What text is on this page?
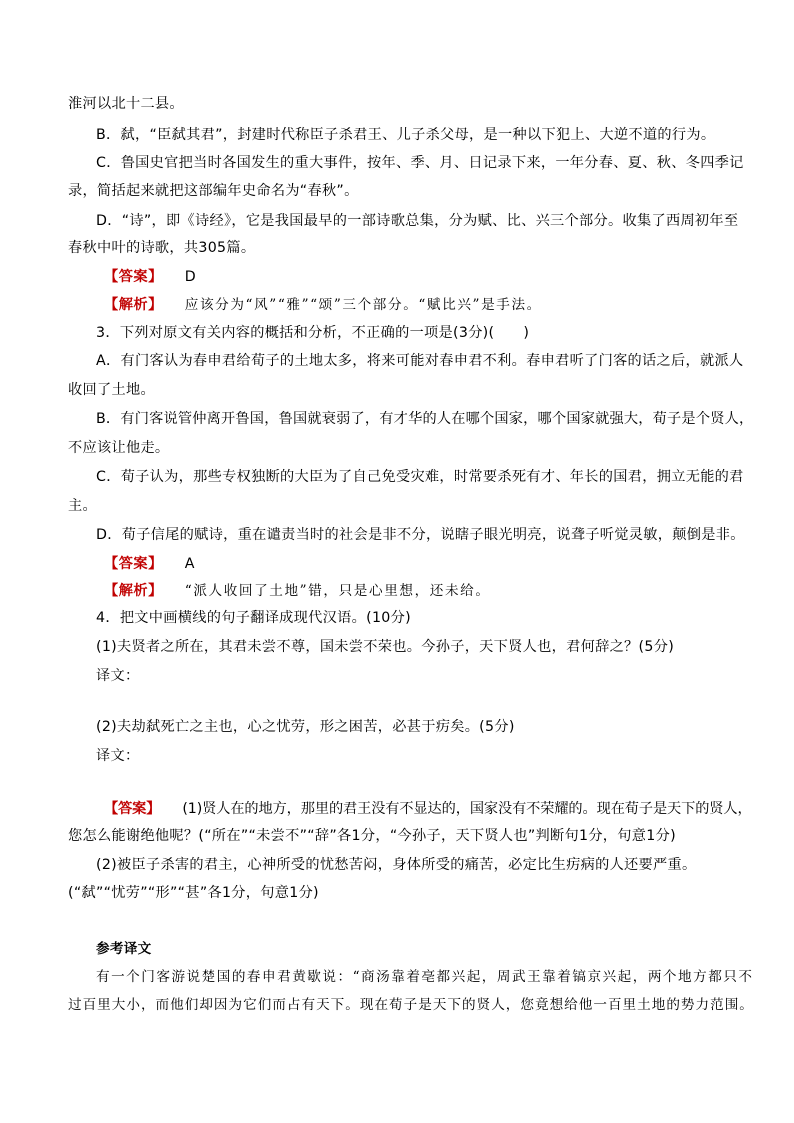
淮河以北十二县。
B．弑，“臣弑其君”，封建时代称臣子杀君王、儿子杀父母，是一种以下犯上、大逆不道的行为。
C．鲁国史官把当时各国发生的重大事件，按年、季、月、日记录下来，一年分春、夏、秋、冬四季记
录，简括起来就把这部编年史命名为“春秋”。
D．“诗”，即《诗经》，它是我国最早的一部诗歌总集，分为赋、比、兴三个部分。收集了西周初年至
春秋中叶的诗歌，共305篇。
【答案】 D
【解析】 应该分为“风”“雅”“颂”三个部分。“赋比兴”是手法。
3．下列对原文有关内容的概括和分析，不正确的一项是(3分)(　　)
A．有门客认为春申君给荀子的土地太多，将来可能对春申君不利。春申君听了门客的话之后，就派人
收回了土地。
B．有门客说管仲离开鲁国，鲁国就衰弱了，有才华的人在哪个国家，哪个国家就强大，荀子是个贤人，
不应该让他走。
C．荀子认为，那些专权独断的大臣为了自己免受灾难，时常要杀死有才、年长的国君，拥立无能的君
主。
D．荀子信尾的赋诗，重在谴责当时的社会是非不分，说瞎子眼光明亮，说聋子听觉灵敏，颠倒是非。
【答案】 A
【解析】 “派人收回了土地”错，只是心里想，还未给。
4．把文中画横线的句子翻译成现代汉语。(10分)
(1)夫贤者之所在，其君未尝不尊，国未尝不荣也。今孙子，天下贤人也，君何辞之？(5分)
译文：
(2)夫劫弑死亡之主也，心之忧劳，形之困苦，必甚于疠矣。(5分)
译文：
【答案】 (1)贤人在的地方，那里的君王没有不显达的，国家没有不荣耀的。现在荀子是天下的贤人，
您怎么能谢绝他呢？(“所在”“未尝不”“辞”各1分，“今孙子，天下贤人也”判断句1分，句意1分)
(2)被臣子杀害的君主，心神所受的忧愁苦闷，身体所受的痛苦，必定比生疠病的人还要严重。
(“弑”“忧劳”“形”“甚”各1分，句意1分)
参考译文
有一个门客游说楚国的春申君黄歇说：“商汤靠着亳都兴起，周武王靠着镐京兴起，两个地方都只不
过百里大小，而他们却因为它们而占有天下。现在荀子是天下的贤人，您竟想给他一百里土地的势力范围。
